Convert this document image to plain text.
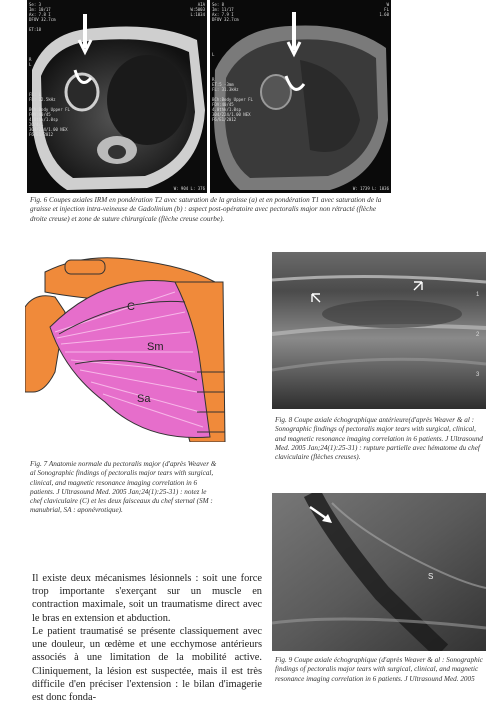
Se: 3
Im: 10/17
Ax: 7.8 I
DFOV 32.7cm

ET:18

R
L

FL: L
FL: 12.5kHz

BCh:Body Upper FL
FOV:40/45
4.0thk/1.0sp
20/4/1
304/224/1.00 NEX
F6/E1/2012
AIA
W:5003
L:1034
W: 904 L: 376
Se: 8
Im: 11/17
Ax: 7.9 I
DFOV 32.7cm

L

R
ET:5 -3mm
FL: 31.3kHz

BCh:Body Upper FL
FOV:40/45
4.0thk/1.0sp
304/224/1.00 NEX
F6/E1/2012
W
FL
1.60
W: 1739 L: 1036
Fig. 6 Coupes axiales IRM en pondération T2 avec saturation de la graisse (a) et en pondération T1 avec saturation de la graisse et injection intra-veineuse de Gadolinium (b) : aspect post-opératoire avec pectoralis major non rétracté (flèche droite creuse) et zone de suture chirurgicale (flèche creuse courbe).
C
Sm
Sa
Fig. 7 Anatomie normale du pectoralis major (d'après Weaver & al Sonographic findings of pectoralis major tears with surgical, clinical, and magnetic resonance imaging correlation in 6 patients. J Ultrasound Med. 2005 Jan;24(1):25-31) : notez le chef claviculaire (C) et les deux faisceaux du chef sternal (SM : manubrial, SA : aponévrotique).
1
2
3
Fig. 8 Coupe axiale échographique antérieure(d'après Weaver & al : Sonographic findings of pectoralis major tears with surgical, clinical, and magnetic resonance imaging correlation in 6 patients. J Ultrasound Med. 2005 Jan;24(1):25-31) : rupture partielle avec hématome du chef claviculaire (flèches creuses).
S
Fig. 9 Coupe axiale échographique (d'après Weaver & al : Sonographic findings of pectoralis major tears with surgical, clinical, and magnetic resonance imaging correlation in 6 patients. J Ultrasound Med. 2005
Il existe deux mécanismes lésionnels : soit une force trop importante s'exerçant sur un muscle en contraction maximale, soit un traumatisme direct avec le bras en extension et abduction.
Le patient traumatisé se présente classiquement avec une douleur, un œdème et une ecchymose antérieurs associés à une limitation de la mobilité active. Cliniquement, la lésion est suspectée, mais il est très difficile d'en préciser l'extension : le bilan d'imagerie est donc fonda-
